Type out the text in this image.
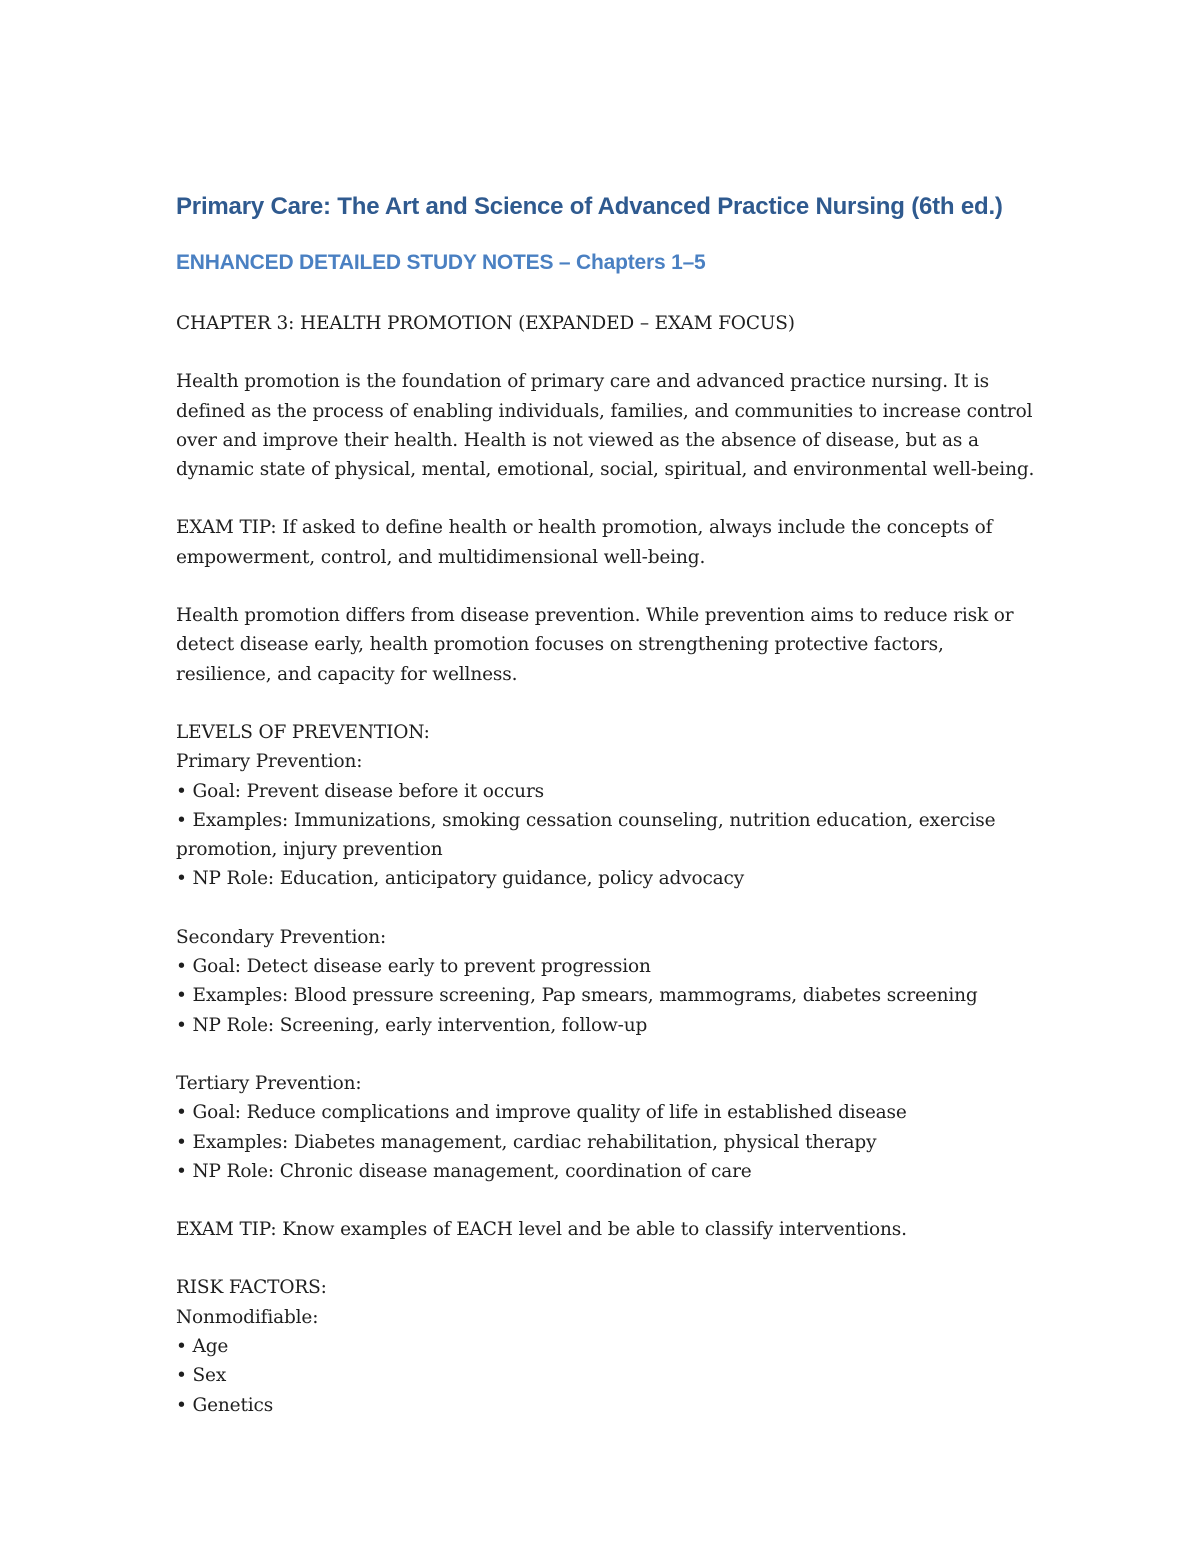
Primary Care: The Art and Science of Advanced Practice Nursing (6th ed.)
ENHANCED DETAILED STUDY NOTES – Chapters 1–5
CHAPTER 3: HEALTH PROMOTION (EXPANDED – EXAM FOCUS)
Health promotion is the foundation of primary care and advanced practice nursing. It is
defined as the process of enabling individuals, families, and communities to increase control
over and improve their health. Health is not viewed as the absence of disease, but as a
dynamic state of physical, mental, emotional, social, spiritual, and environmental well-being.
EXAM TIP: If asked to define health or health promotion, always include the concepts of
empowerment, control, and multidimensional well-being.
Health promotion differs from disease prevention. While prevention aims to reduce risk or
detect disease early, health promotion focuses on strengthening protective factors,
resilience, and capacity for wellness.
LEVELS OF PREVENTION:
Primary Prevention:
• Goal: Prevent disease before it occurs
• Examples: Immunizations, smoking cessation counseling, nutrition education, exercise
promotion, injury prevention
• NP Role: Education, anticipatory guidance, policy advocacy
Secondary Prevention:
• Goal: Detect disease early to prevent progression
• Examples: Blood pressure screening, Pap smears, mammograms, diabetes screening
• NP Role: Screening, early intervention, follow-up
Tertiary Prevention:
• Goal: Reduce complications and improve quality of life in established disease
• Examples: Diabetes management, cardiac rehabilitation, physical therapy
• NP Role: Chronic disease management, coordination of care
EXAM TIP: Know examples of EACH level and be able to classify interventions.
RISK FACTORS:
Nonmodifiable:
• Age
• Sex
• Genetics
